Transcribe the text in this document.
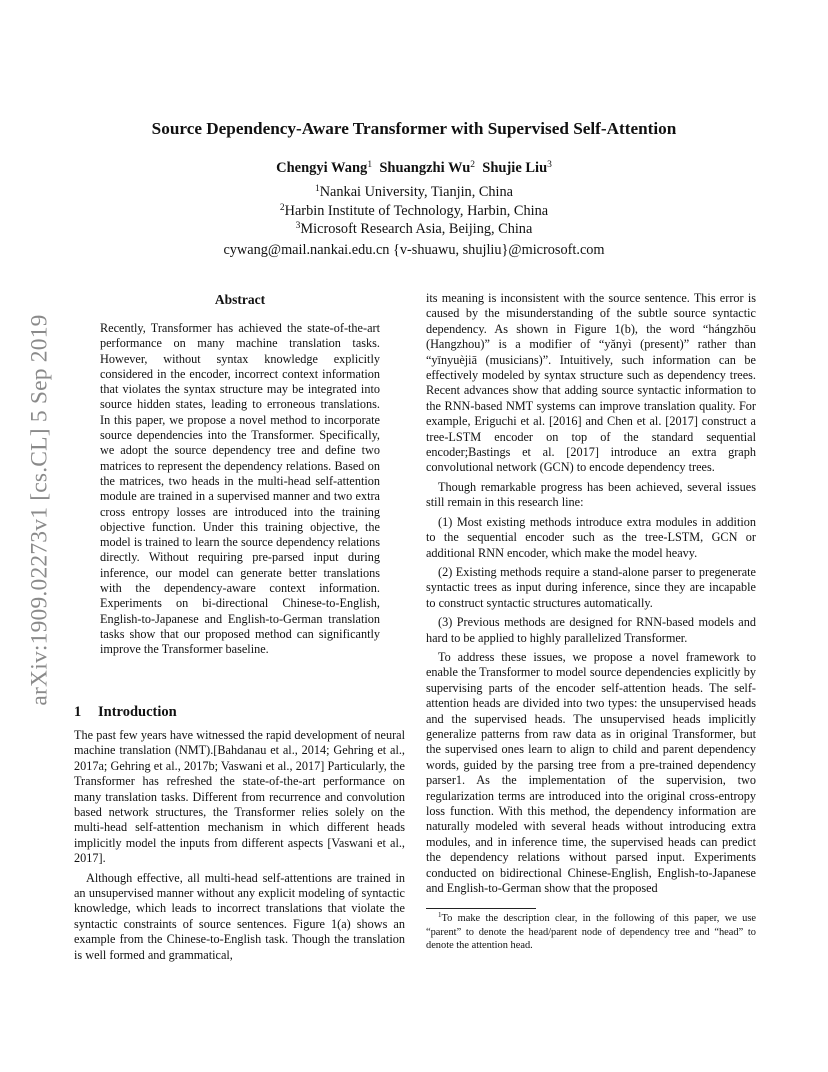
arXiv:1909.02273v1 [cs.CL] 5 Sep 2019
Source Dependency-Aware Transformer with Supervised Self-Attention
Chengyi Wang$^1$ Shuangzhi Wu$^2$ Shujie Liu$^3$
$^1$Nankai University, Tianjin, China
$^2$Harbin Institute of Technology, Harbin, China
$^3$Microsoft Research Asia, Beijing, China
cywang@mail.nankai.edu.cn {v-shuawu, shujliu}@microsoft.com
Abstract

Recently, Transformer has achieved the state-of-the-art performance on many machine translation tasks. However, without syntax knowledge explicitly considered in the encoder, incorrect context information that violates the syntax structure may be integrated into source hidden states, leading to erroneous translations. In this paper, we propose a novel method to incorporate source dependencies into the Transformer. Specifically, we adopt the source dependency tree and define two matrices to represent the dependency relations. Based on the matrices, two heads in the multi-head self-attention module are trained in a supervised manner and two extra cross entropy losses are introduced into the training objective function. Under this training objective, the model is trained to learn the source dependency relations directly. Without requiring pre-parsed input during inference, our model can generate better translations with the dependency-aware context information. Experiments on bi-directional Chinese-to-English, English-to-Japanese and English-to-German translation tasks show that our proposed method can significantly improve the Transformer baseline.

1 Introduction

The past few years have witnessed the rapid development of neural machine translation (NMT).[Bahdanau et al., 2014; Gehring et al., 2017a; Gehring et al., 2017b; Vaswani et al., 2017] Particularly, the Transformer has refreshed the state-of-the-art performance on many translation tasks. Different from recurrence and convolution based network structures, the Transformer relies solely on the multi-head self-attention mechanism in which different heads implicitly model the inputs from different aspects [Vaswani et al., 2017].

Although effective, all multi-head self-attentions are trained in an unsupervised manner without any explicit modeling of syntactic knowledge, which leads to incorrect translations that violate the syntactic constraints of source sentences. Figure 1(a) shows an example from the Chinese-to-English task. Though the translation is well formed and grammatical,

its meaning is inconsistent with the source sentence. This error is caused by the misunderstanding of the subtle source syntactic dependency. As shown in Figure 1(b), the word “hángzhōu (Hangzhou)” is a modifier of “yǎnyì (present)” rather than “yīnyuèjiā (musicians)”. Intuitively, such information can be effectively modeled by syntax structure such as dependency trees. Recent advances show that adding source syntactic information to the RNN-based NMT systems can improve translation quality. For example, Eriguchi et al. [2016] and Chen et al. [2017] construct a tree-LSTM encoder on top of the standard sequential encoder;Bastings et al. [2017] introduce an extra graph convolutional network (GCN) to encode dependency trees.

Though remarkable progress has been achieved, several issues still remain in this research line:

(1) Most existing methods introduce extra modules in addition to the sequential encoder such as the tree-LSTM, GCN or additional RNN encoder, which make the model heavy.

(2) Existing methods require a stand-alone parser to pregenerate syntactic trees as input during inference, since they are incapable to construct syntactic structures automatically.

(3) Previous methods are designed for RNN-based models and hard to be applied to highly parallelized Transformer.

To address these issues, we propose a novel framework to enable the Transformer to model source dependencies explicitly by supervising parts of the encoder self-attention heads. The self-attention heads are divided into two types: the unsupervised heads and the supervised heads. The unsupervised heads implicitly generalize patterns from raw data as in original Transformer, but the supervised ones learn to align to child and parent dependency words, guided by the parsing tree from a pre-trained dependency parser1. As the implementation of the supervision, two regularization terms are introduced into the original cross-entropy loss function. With this method, the dependency information are naturally modeled with several heads without introducing extra modules, and in inference time, the supervised heads can predict the dependency relations without parsed input. Experiments conducted on bidirectional Chinese-English, English-to-Japanese and English-to-German show that the proposed

$^1$To make the description clear, in the following of this paper, we use “parent” to denote the head/parent node of dependency tree and “head” to denote the attention head.
